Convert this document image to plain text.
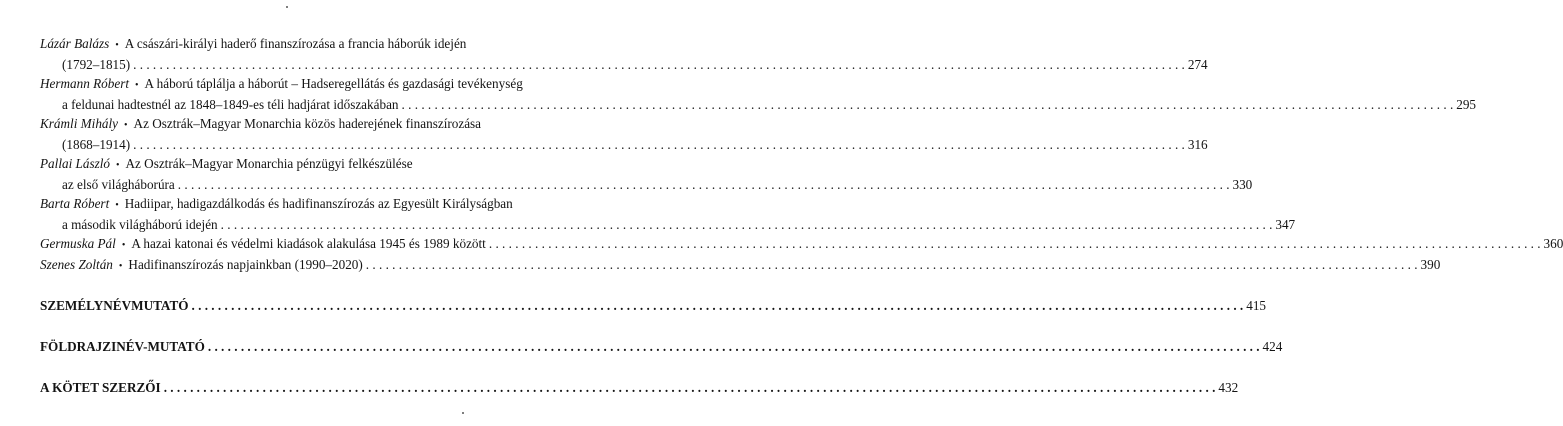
Lázár Balázs • A császári-királyi haderő finanszírozása a francia háborúk idején
(1792–1815) . . .	274
Hermann Róbert • A háború táplálja a háborút – Hadseregellátás és gazdasági tevékenység
a feldunai hadtestnél az 1848–1849-es téli hadjárat időszakában . . .	295
Krámli Mihály • Az Osztrák–Magyar Monarchia közös haderejének finanszírozása
(1868–1914) . . .	316
Pallai László • Az Osztrák–Magyar Monarchia pénzügyi felkészülése
az első világháborúra . . .	330
Barta Róbert • Hadiipar, hadigazdálkodás és hadifinanszírozás az Egyesült Királyságban
a második világháború idején . . .	347
Germuska Pál • A hazai katonai és védelmi kiadások alakulása 1945 és 1989 között . . .	360
Szenes Zoltán • Hadifinanszírozás napjainkban (1990–2020) . . .	390
SZEMÉLYNÉVMUTATÓ . . .	415
FÖLDRAJZINÉV-MUTATÓ . . .	424
A KÖTET SZERZŐI . . .	432
